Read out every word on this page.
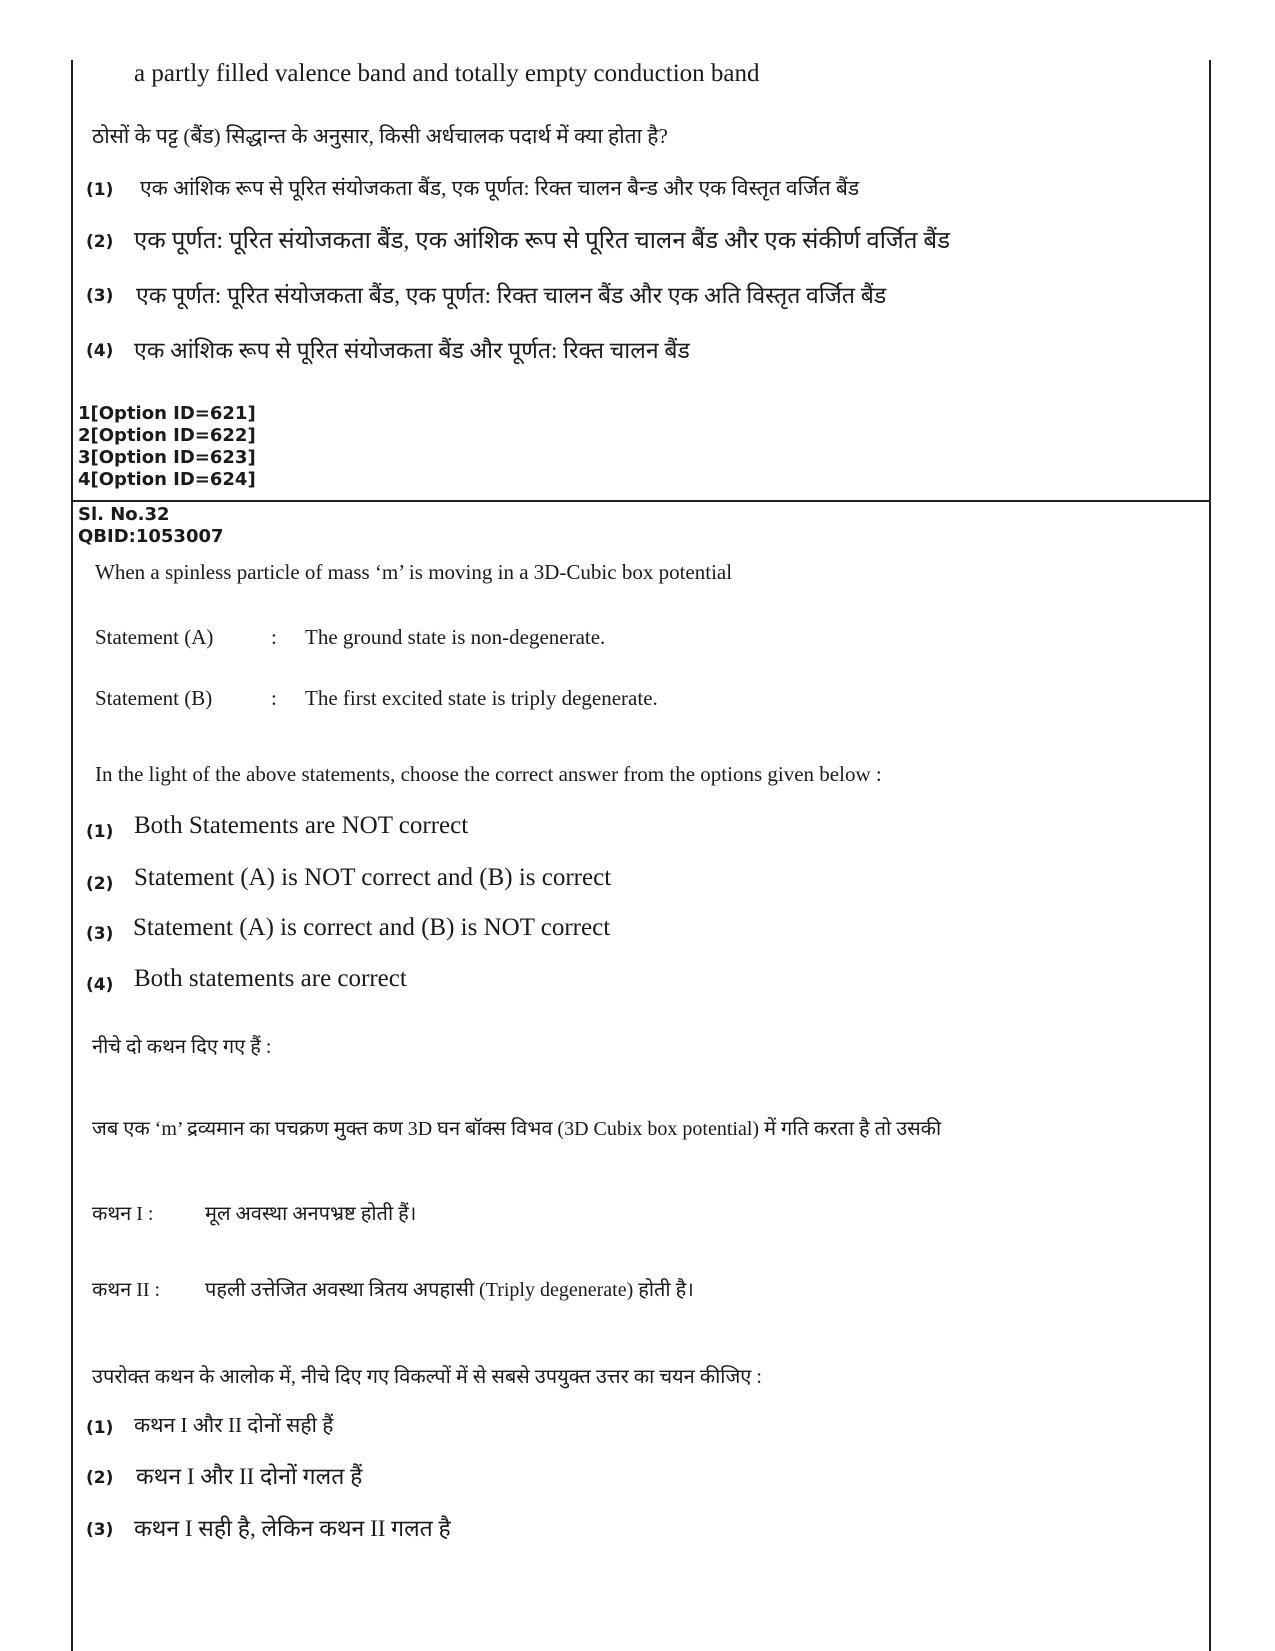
a partly filled valence band and totally empty conduction band
ठोसों के पट्ट (बैंड) सिद्धान्त के अनुसार, किसी अर्धचालक पदार्थ में क्या होता है?
(1) एक आंशिक रूप से पूरित संयोजकता बैंड, एक पूर्णत: रिक्त चालन बैन्ड और एक विस्तृत वर्जित बैंड
(2) एक पूर्णत: पूरित संयोजकता बैंड, एक आंशिक रूप से पूरित चालन बैंड और एक संकीर्ण वर्जित बैंड
(3) एक पूर्णत: पूरित संयोजकता बैंड, एक पूर्णत: रिक्त चालन बैंड और एक अति विस्तृत वर्जित बैंड
(4) एक आंशिक रूप से पूरित संयोजकता बैंड और पूर्णत: रिक्त चालन बैंड
1[Option ID=621]
2[Option ID=622]
3[Option ID=623]
4[Option ID=624]
Sl. No.32
QBID:1053007
When a spinless particle of mass ‘m’ is moving in a 3D-Cubic box potential
Statement (A)	: The ground state is non-degenerate.
Statement (B)	: The first excited state is triply degenerate.
In the light of the above statements, choose the correct answer from the options given below :
(1) Both Statements are NOT correct
(2) Statement (A) is NOT correct and (B) is correct
(3) Statement (A) is correct and (B) is NOT correct
(4) Both statements are correct
नीचे दो कथन दिए गए हैं :
जब एक ‘m’ द्रव्यमान का पचक्रण मुक्त कण 3D घन बॉक्स विभव (3D Cubix box potential) में गति करता है तो उसकी
कथन I :	मूल अवस्था अनपभ्रष्ट होती हैं।
कथन II : पहली उत्तेजित अवस्था त्रितय अपहासी (Triply degenerate) होती है।
उपरोक्त कथन के आलोक में, नीचे दिए गए विकल्पों में से सबसे उपयुक्त उत्तर का चयन कीजिए :
(1) कथन I और II दोनों सही हैं
(2) कथन I और II दोनों गलत हैं
(3) कथन I सही है, लेकिन कथन II गलत है
